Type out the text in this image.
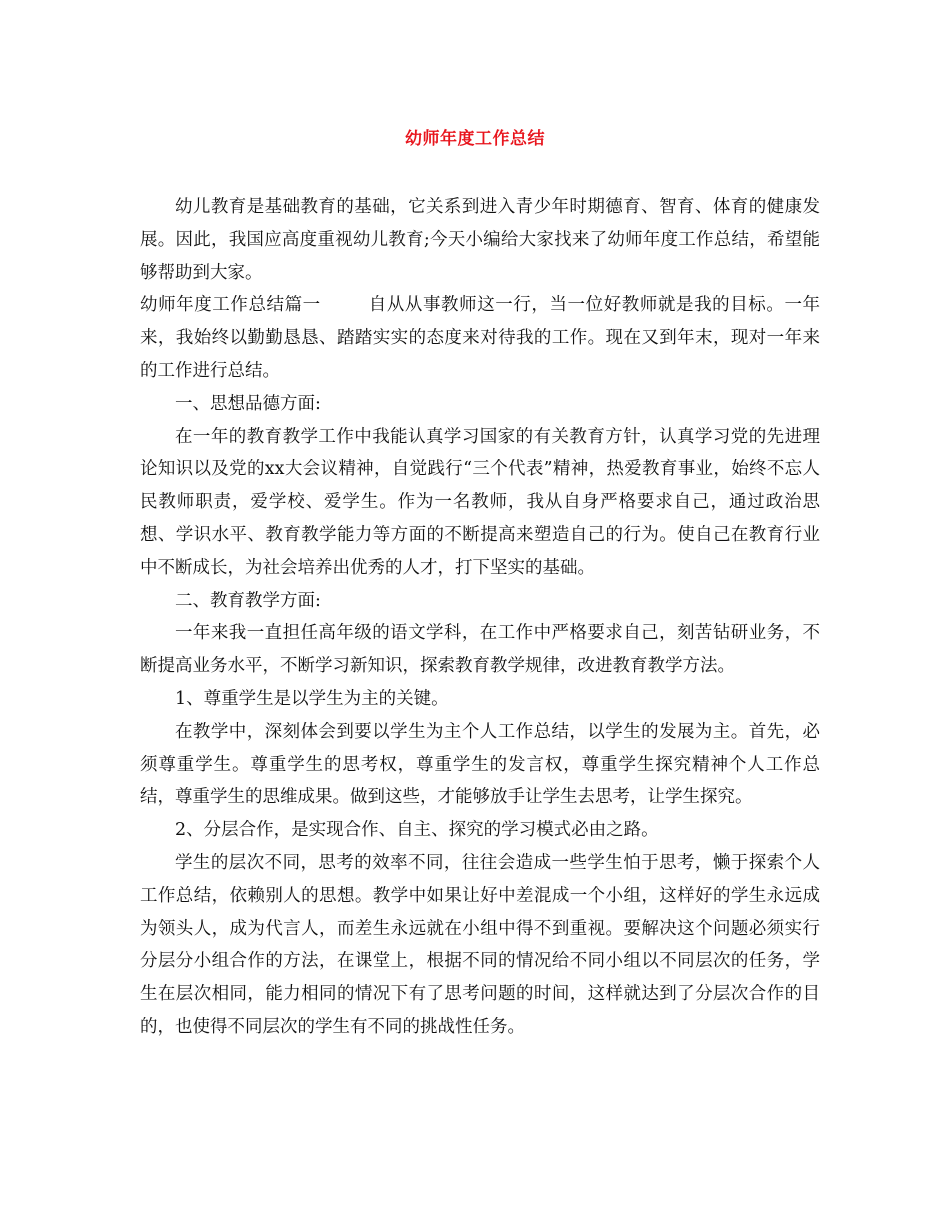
幼师年度工作总结

幼儿教育是基础教育的基础，它关系到进入青少年时期德育、智育、体育的健康发展。因此，我国应高度重视幼儿教育;今天小编给大家找来了幼师年度工作总结，希望能够帮助到大家。

幼师年度工作总结篇一	自从从事教师这一行，当一位好教师就是我的目标。一年来，我始终以勤勤恳恳、踏踏实实的态度来对待我的工作。现在又到年末，现对一年来的工作进行总结。

一、思想品德方面:

在一年的教育教学工作中我能认真学习国家的有关教育方针，认真学习党的先进理论知识以及党的xx大会议精神，自觉践行“三个代表”精神，热爱教育事业，始终不忘人民教师职责，爱学校、爱学生。作为一名教师，我从自身严格要求自己，通过政治思想、学识水平、教育教学能力等方面的不断提高来塑造自己的行为。使自己在教育行业中不断成长，为社会培养出优秀的人才，打下坚实的基础。

二、教育教学方面:

一年来我一直担任高年级的语文学科，在工作中严格要求自己，刻苦钻研业务，不断提高业务水平，不断学习新知识，探索教育教学规律，改进教育教学方法。

1、尊重学生是以学生为主的关键。

在教学中，深刻体会到要以学生为主个人工作总结，以学生的发展为主。首先，必须尊重学生。尊重学生的思考权，尊重学生的发言权，尊重学生探究精神个人工作总结，尊重学生的思维成果。做到这些，才能够放手让学生去思考，让学生探究。

2、分层合作，是实现合作、自主、探究的学习模式必由之路。

学生的层次不同，思考的效率不同，往往会造成一些学生怕于思考，懒于探索个人工作总结，依赖别人的思想。教学中如果让好中差混成一个小组，这样好的学生永远成为领头人，成为代言人，而差生永远就在小组中得不到重视。要解决这个问题必须实行分层分小组合作的方法，在课堂上，根据不同的情况给不同小组以不同层次的任务，学生在层次相同，能力相同的情况下有了思考问题的时间，这样就达到了分层次合作的目的，也使得不同层次的学生有不同的挑战性任务。
